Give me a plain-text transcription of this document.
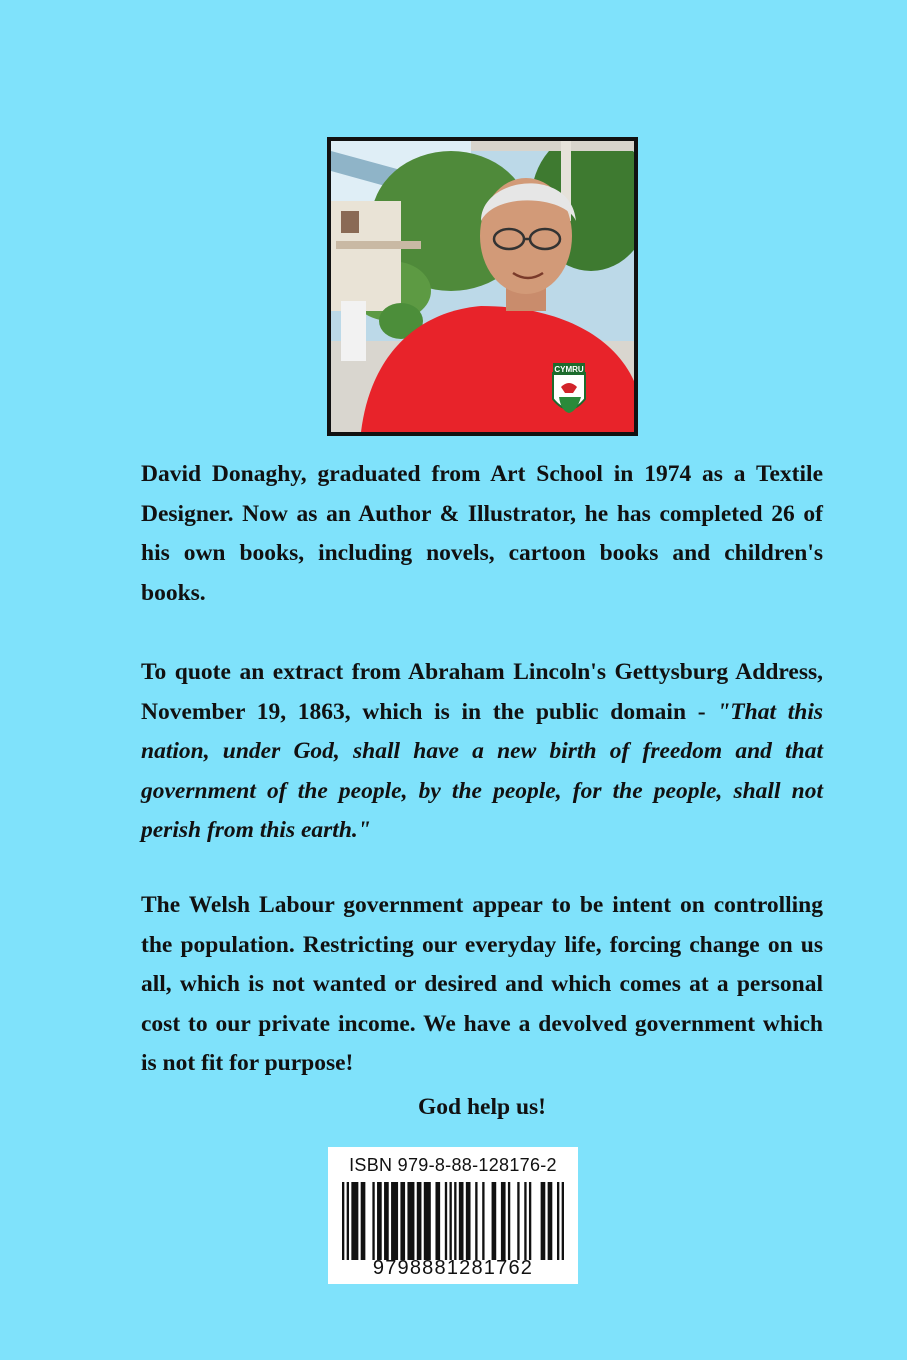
CYMRU

David Donaghy, graduated from Art School in 1974 as a Textile Designer. Now as an Author & Illustrator, he has completed 26 of his own books, including novels, cartoon books and children's books.

To quote an extract from Abraham Lincoln's Gettysburg Address, November 19, 1863, which is in the public domain - "That this nation, under God, shall have a new birth of freedom and that government of the people, by the people, for the people, shall not perish from this earth."

The Welsh Labour government appear to be intent on controlling the population. Restricting our everyday life, forcing change on us all, which is not wanted or desired and which comes at a personal cost to our private income. We have a devolved government which is not fit for purpose!

God help us!
ISBN 979-8-88-128176-2
9798881281762
